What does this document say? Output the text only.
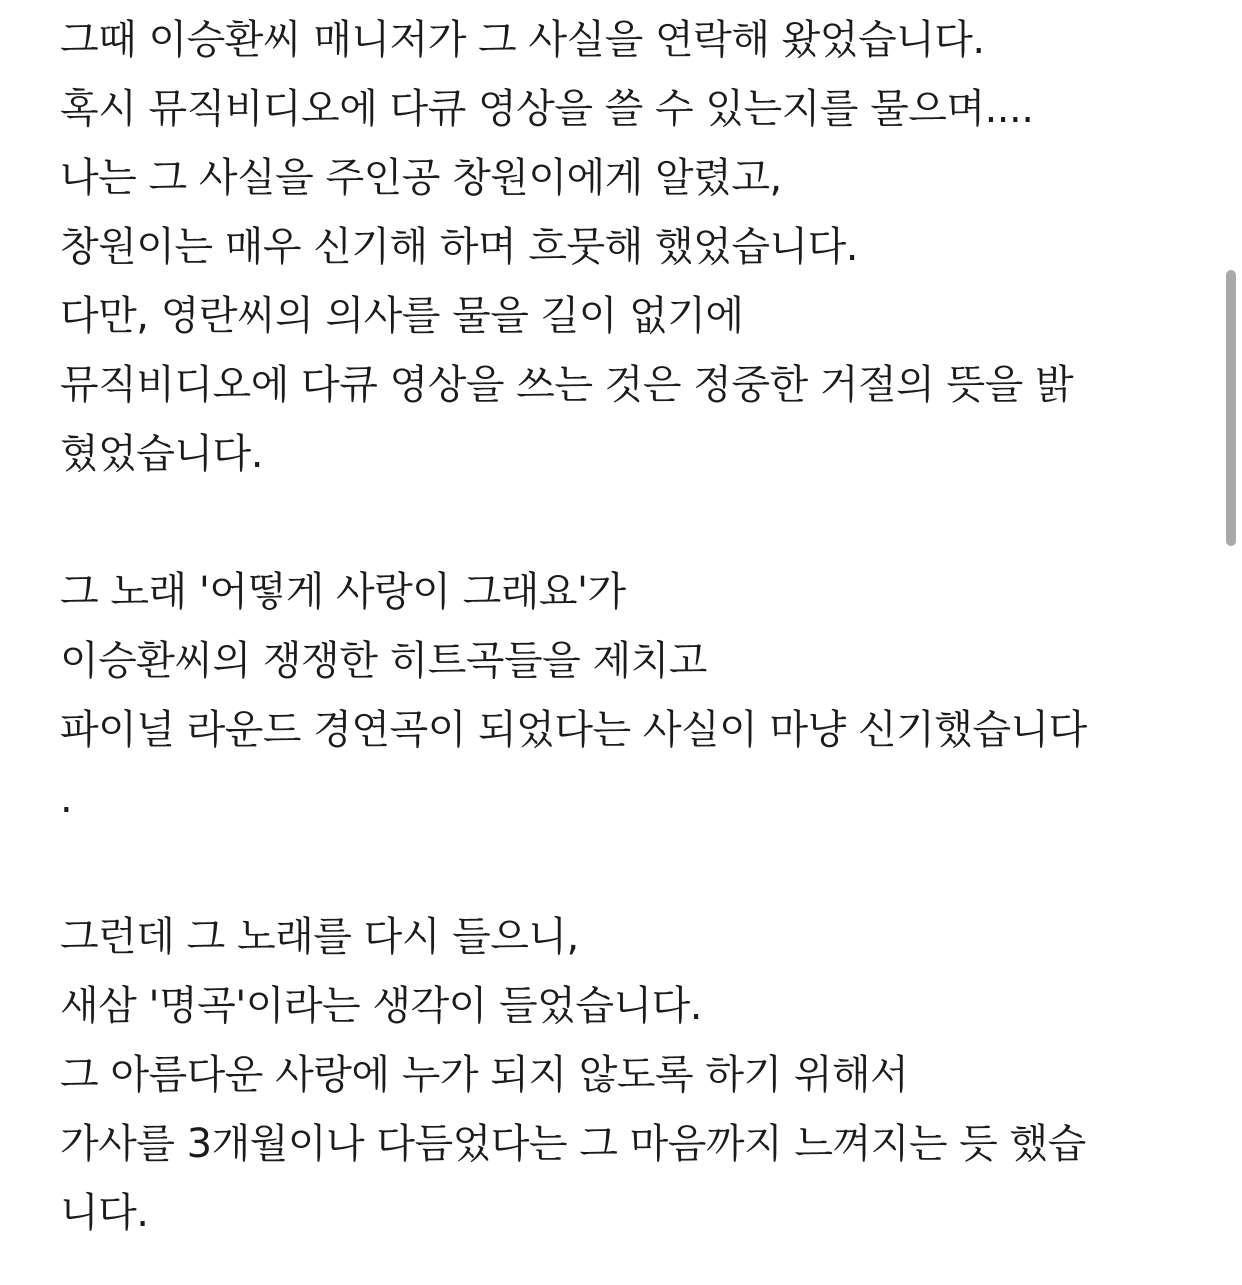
그때 이승환씨 매니저가 그 사실을 연락해 왔었습니다.
혹시 뮤직비디오에 다큐 영상을 쓸 수 있는지를 물으며....
나는 그 사실을 주인공 창원이에게 알렸고,
창원이는 매우 신기해 하며 흐뭇해 했었습니다.
다만, 영란씨의 의사를 물을 길이 없기에
뮤직비디오에 다큐 영상을 쓰는 것은 정중한 거절의 뜻을 밝
혔었습니다.
그 노래 '어떻게 사랑이 그래요'가
이승환씨의 쟁쟁한 히트곡들을 제치고
파이널 라운드 경연곡이 되었다는 사실이 마냥 신기했습니다
.
그런데 그 노래를 다시 들으니,
새삼 '명곡'이라는 생각이 들었습니다.
그 아름다운 사랑에 누가 되지 않도록 하기 위해서
가사를 3개월이나 다듬었다는 그 마음까지 느껴지는 듯 했습
니다.
